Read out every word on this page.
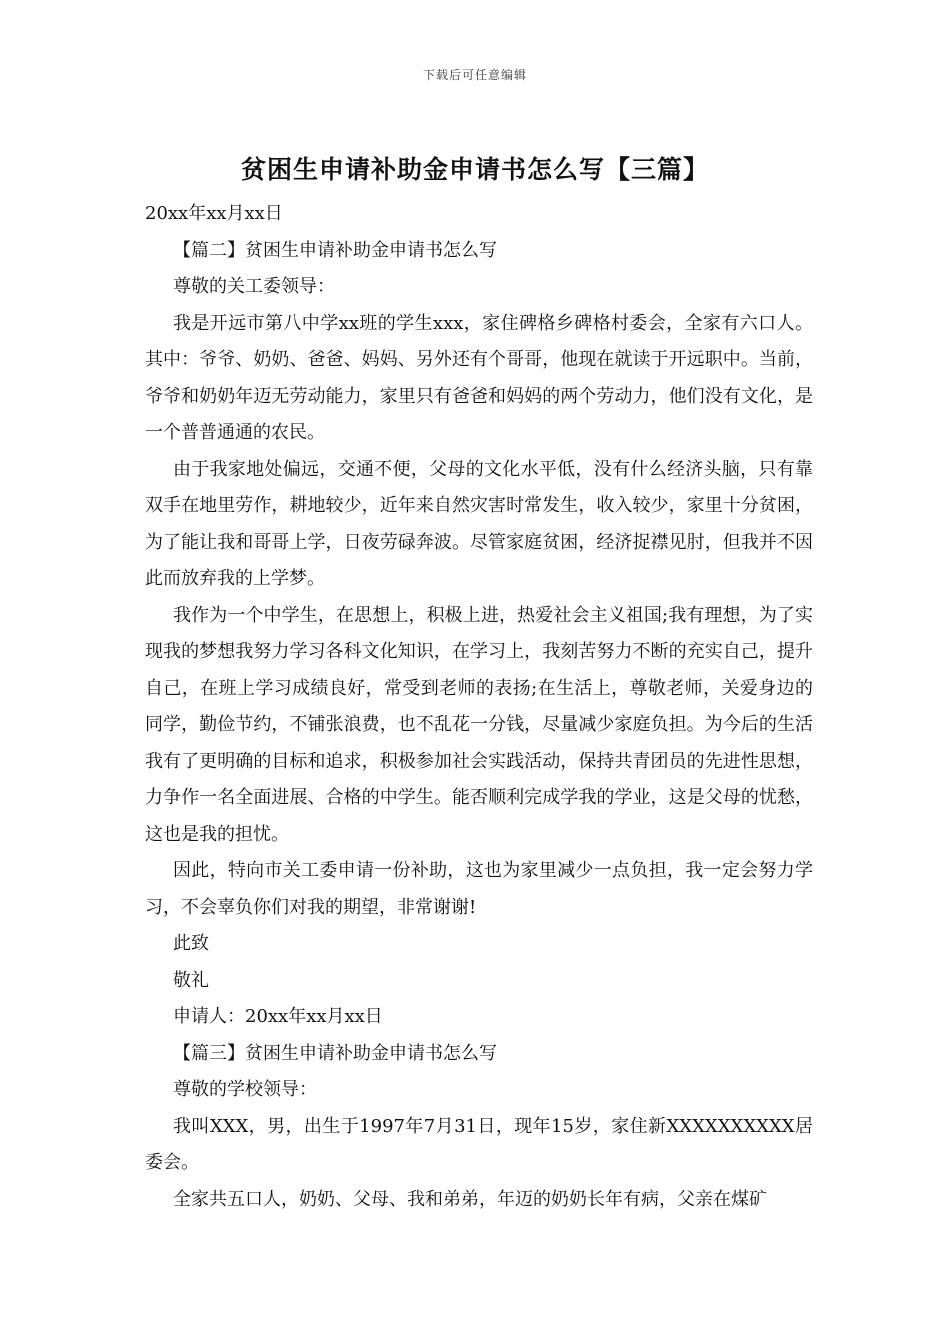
下载后可任意编辑
贫困生申请补助金申请书怎么写【三篇】

20xx年xx月xx日

【篇二】贫困生申请补助金申请书怎么写

尊敬的关工委领导：

我是开远市第八中学xx班的学生xxx，家住碑格乡碑格村委会，全家有六口人。其中：爷爷、奶奶、爸爸、妈妈、另外还有个哥哥，他现在就读于开远职中。当前，爷爷和奶奶年迈无劳动能力，家里只有爸爸和妈妈的两个劳动力，他们没有文化，是一个普普通通的农民。

由于我家地处偏远，交通不便，父母的文化水平低，没有什么经济头脑，只有靠双手在地里劳作，耕地较少，近年来自然灾害时常发生，收入较少，家里十分贫困，为了能让我和哥哥上学，日夜劳碌奔波。尽管家庭贫困，经济捉襟见肘，但我并不因此而放弃我的上学梦。

我作为一个中学生，在思想上，积极上进，热爱社会主义祖国;我有理想，为了实现我的梦想我努力学习各科文化知识，在学习上，我刻苦努力不断的充实自己，提升自己，在班上学习成绩良好，常受到老师的表扬;在生活上，尊敬老师，关爱身边的同学，勤俭节约，不铺张浪费，也不乱花一分钱，尽量减少家庭负担。为今后的生活我有了更明确的目标和追求，积极参加社会实践活动，保持共青团员的先进性思想，力争作一名全面进展、合格的中学生。能否顺利完成学我的学业，这是父母的忧愁，这也是我的担忧。

因此，特向市关工委申请一份补助，这也为家里减少一点负担，我一定会努力学习，不会辜负你们对我的期望，非常谢谢!

此致

敬礼

申请人：20xx年xx月xx日

【篇三】贫困生申请补助金申请书怎么写

尊敬的学校领导：

我叫XXX，男，出生于1997年7月31日，现年15岁，家住新XXXXXXXXXX居委会。

全家共五口人，奶奶、父母、我和弟弟，年迈的奶奶长年有病，父亲在煤矿
